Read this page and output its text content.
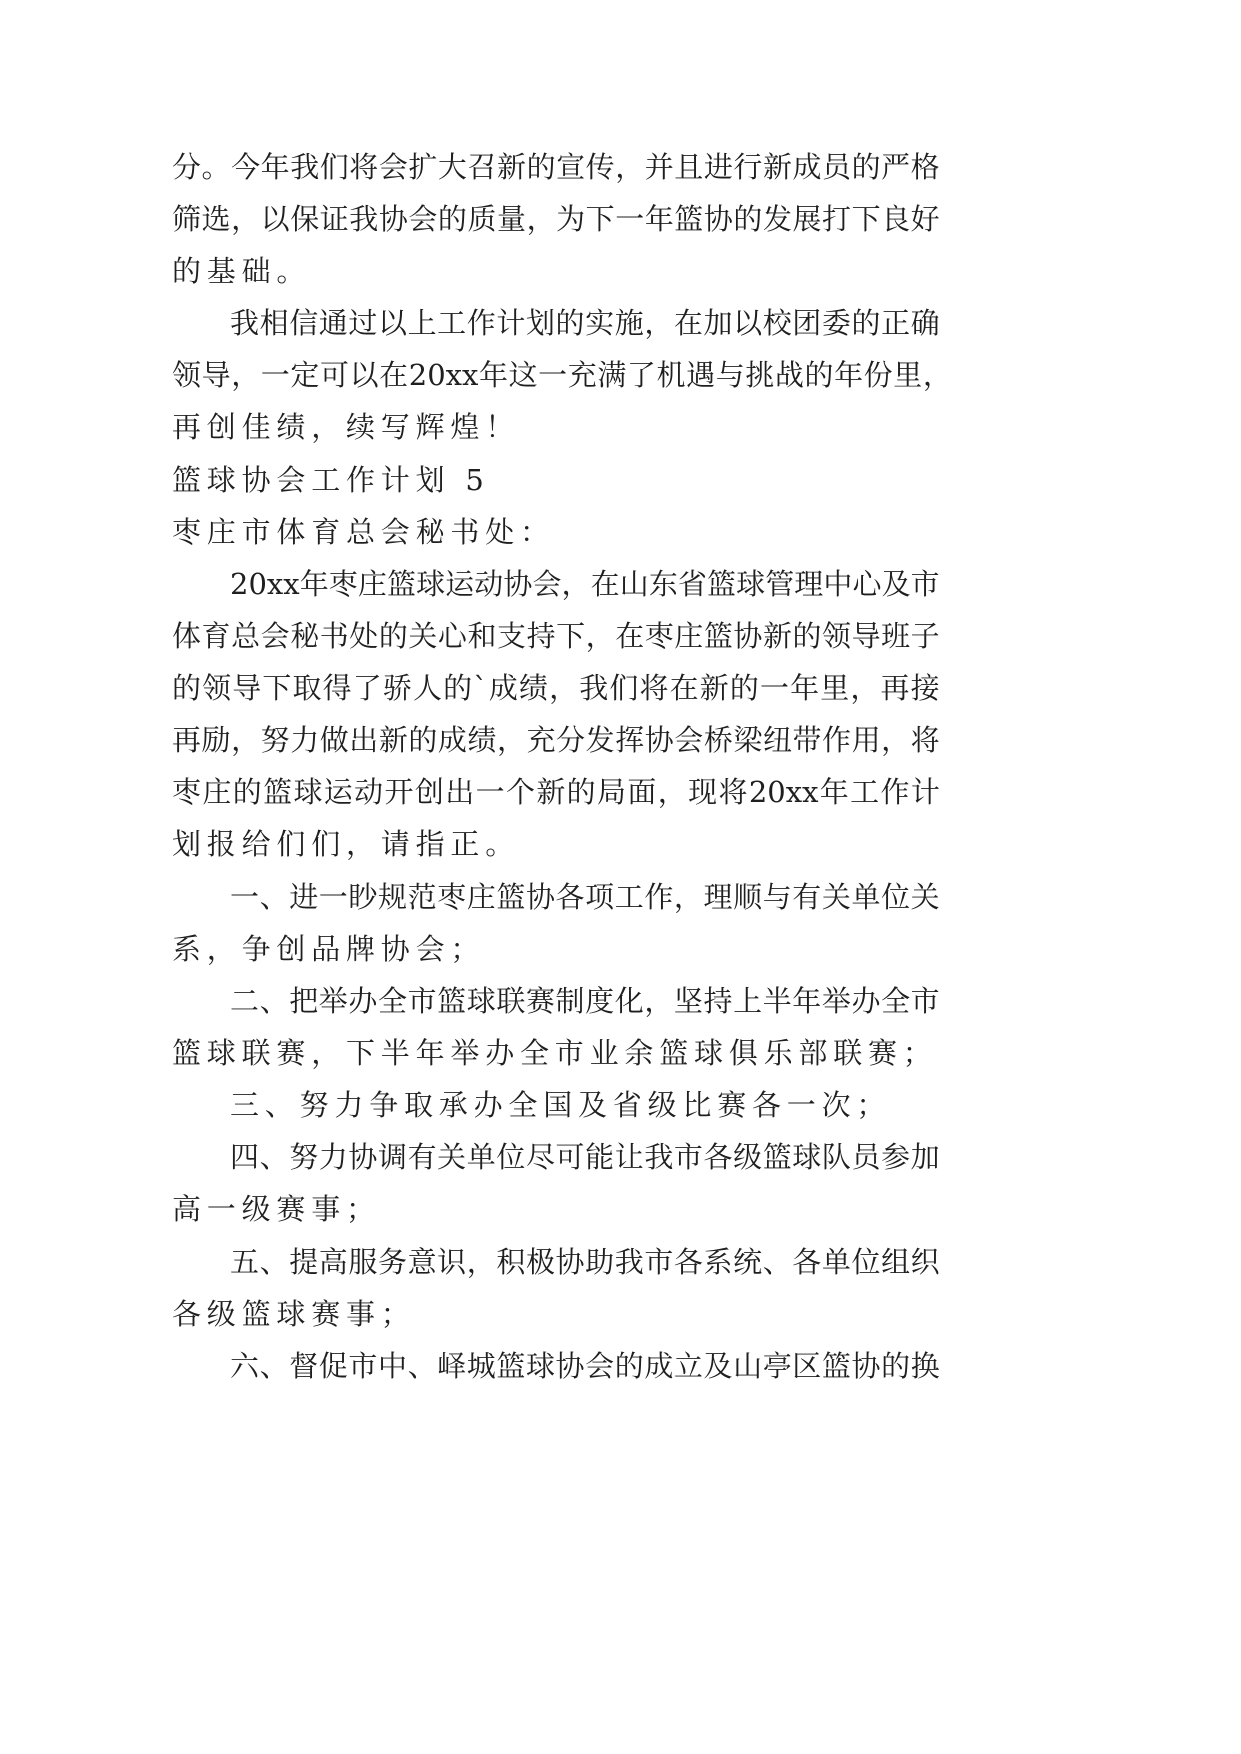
分 。 今 年 我 们 将 会 扩 大 召 新 的 宣 传 ， 并 且 进 行 新 成 员 的 严 格
筛 选 ， 以 保 证 我 协 会 的 质 量 ， 为 下 一 年 篮 协 的 发 展 打 下 良 好
的基础。
我 相 信 通 过 以 上 工 作 计 划 的 实 施 ， 在 加 以 校 团 委 的 正 确
领 导 ， 一 定 可 以 在 20xx 年 这 一 充 满 了 机 遇 与 挑 战 的 年 份 里 ，
再创佳绩，续写辉煌！
篮球协会工作计划 5
枣庄市体育总会秘书处：
20xx 年 枣 庄 篮 球 运 动 协 会 ， 在 山 东 省 篮 球 管 理 中 心 及 市
体 育 总 会 秘 书 处 的 关 心 和 支 持 下 ， 在 枣 庄 篮 协 新 的 领 导 班 子
的 领 导 下 取 得 了 骄 人 的 ` 成 绩 ， 我 们 将 在 新 的 一 年 里 ， 再 接
再 励 ， 努 力 做 出 新 的 成 绩 ， 充 分 发 挥 协 会 桥 梁 纽 带 作 用 ， 将
枣 庄 的 篮 球 运 动 开 创 出 一 个 新 的 局 面 ， 现 将 20xx 年 工 作 计
划报给们们，请指正。
一 、 进 一 眇 规 范 枣 庄 篮 协 各 项 工 作 ， 理 顺 与 有 关 单 位 关
系，争创品牌协会；
二 、 把 举 办 全 市 篮 球 联 赛 制 度 化 ， 坚 持 上 半 年 举 办 全 市
篮球联赛，下半年举办全市业余篮球俱乐部联赛；
三、努力争取承办全国及省级比赛各一次；
四 、 努 力 协 调 有 关 单 位 尽 可 能 让 我 市 各 级 篮 球 队 员 参 加
高一级赛事；
五 、 提 高 服 务 意 识 ， 积 极 协 助 我 市 各 系 统 、 各 单 位 组 织
各级篮球赛事；
六 、 督 促 市 中 、 峄 城 篮 球 协 会 的 成 立 及 山 亭 区 篮 协 的 换
